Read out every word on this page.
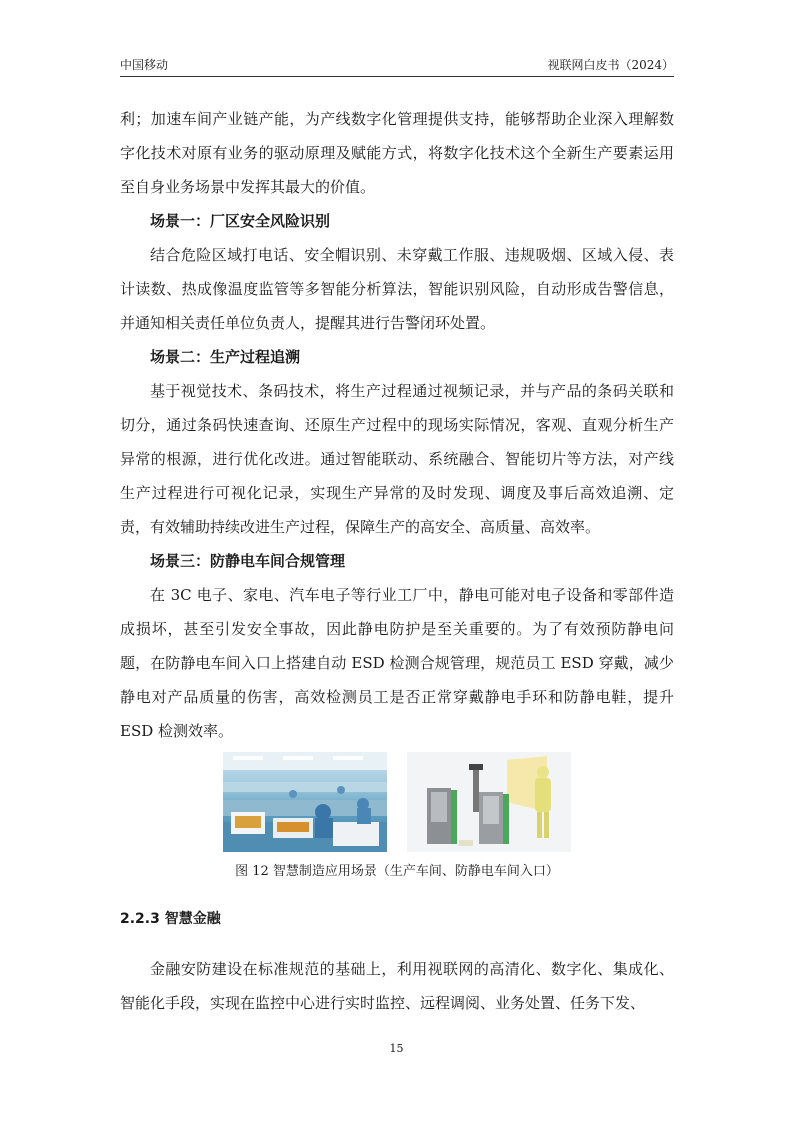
中国移动	视联网白皮书（2024）

利；加速车间产业链产能，为产线数字化管理提供支持，能够帮助企业深入理解数字化技术对原有业务的驱动原理及赋能方式，将数字化技术这个全新生产要素运用至自身业务场景中发挥其最大的价值。

场景一：厂区安全风险识别

结合危险区域打电话、安全帽识别、未穿戴工作服、违规吸烟、区域入侵、表计读数、热成像温度监管等多智能分析算法，智能识别风险，自动形成告警信息，并通知相关责任单位负责人，提醒其进行告警闭环处置。

场景二：生产过程追溯

基于视觉技术、条码技术，将生产过程通过视频记录，并与产品的条码关联和切分，通过条码快速查询、还原生产过程中的现场实际情况，客观、直观分析生产异常的根源，进行优化改进。通过智能联动、系统融合、智能切片等方法，对产线生产过程进行可视化记录，实现生产异常的及时发现、调度及事后高效追溯、定责，有效辅助持续改进生产过程，保障生产的高安全、高质量、高效率。

场景三：防静电车间合规管理

在 3C 电子、家电、汽车电子等行业工厂中，静电可能对电子设备和零部件造成损坏，甚至引发安全事故，因此静电防护是至关重要的。为了有效预防静电问题，在防静电车间入口上搭建自动 ESD 检测合规管理，规范员工 ESD 穿戴，减少静电对产品质量的伤害，高效检测员工是否正常穿戴静电手环和防静电鞋，提升 ESD 检测效率。

图 12 智慧制造应用场景（生产车间、防静电车间入口）
2.2.3 智慧金融

金融安防建设在标准规范的基础上，利用视联网的高清化、数字化、集成化、智能化手段，实现在监控中心进行实时监控、远程调阅、业务处置、任务下发、

15
